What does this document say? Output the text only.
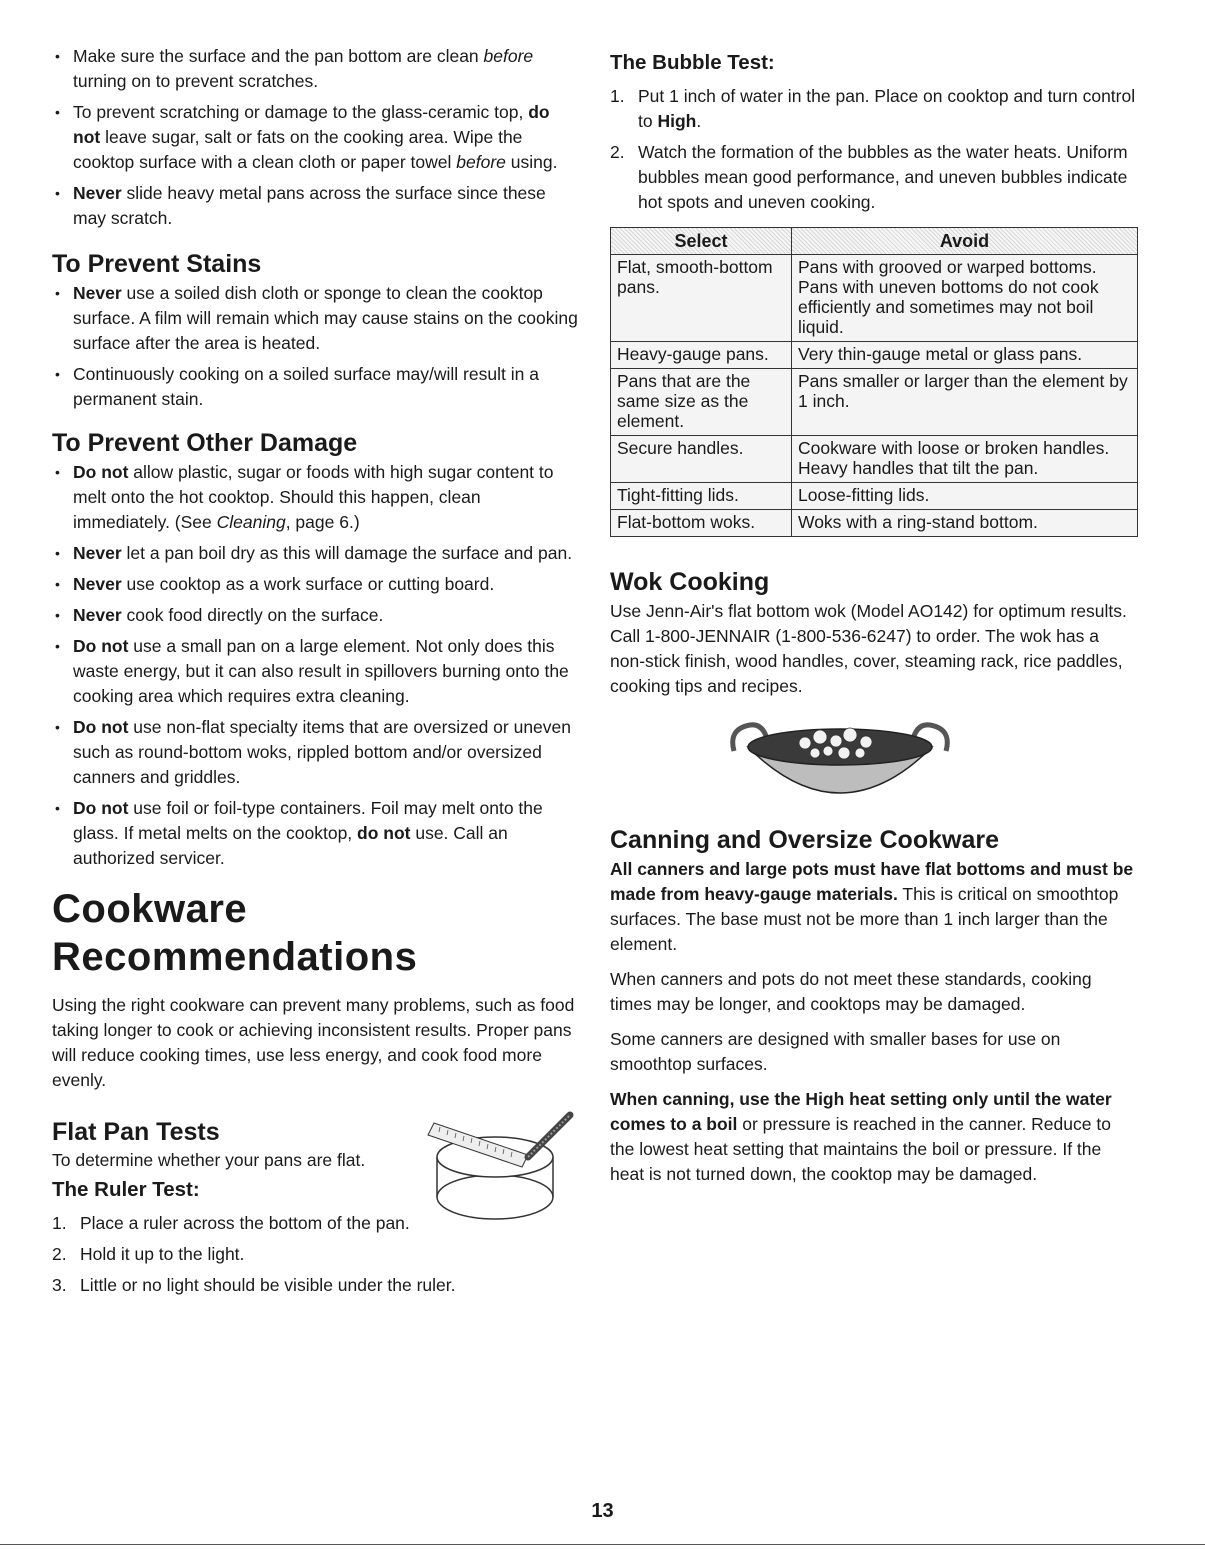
• Make sure the surface and the pan bottom are clean before turning on to prevent scratches.
• To prevent scratching or damage to the glass-ceramic top, do not leave sugar, salt or fats on the cooking area. Wipe the cooktop surface with a clean cloth or paper towel before using.
• Never slide heavy metal pans across the surface since these may scratch.
To Prevent Stains
• Never use a soiled dish cloth or sponge to clean the cooktop surface. A film will remain which may cause stains on the cooking surface after the area is heated.
• Continuously cooking on a soiled surface may/will result in a permanent stain.
To Prevent Other Damage
• Do not allow plastic, sugar or foods with high sugar content to melt onto the hot cooktop. Should this happen, clean immediately. (See Cleaning, page 6.)
• Never let a pan boil dry as this will damage the surface and pan.
• Never use cooktop as a work surface or cutting board.
• Never cook food directly on the surface.
• Do not use a small pan on a large element. Not only does this waste energy, but it can also result in spillovers burning onto the cooking area which requires extra cleaning.
• Do not use non-flat specialty items that are oversized or uneven such as round-bottom woks, rippled bottom and/or oversized canners and griddles.
• Do not use foil or foil-type containers. Foil may melt onto the glass. If metal melts on the cooktop, do not use. Call an authorized servicer.
Cookware Recommendations

Using the right cookware can prevent many problems, such as food taking longer to cook or achieving inconsistent results. Proper pans will reduce cooking times, use less energy, and cook food more evenly.

Flat Pan Tests

To determine whether your pans are flat.

The Ruler Test:
1. Place a ruler across the bottom of the pan.
2. Hold it up to the light.
3. Little or no light should be visible under the ruler.
The Bubble Test:
1. Put 1 inch of water in the pan. Place on cooktop and turn control to High.
2. Watch the formation of the bubbles as the water heats. Uniform bubbles mean good performance, and uneven bubbles indicate hot spots and uneven cooking.
Select	Avoid
Flat, smooth-bottom pans.	Pans with grooved or warped bottoms. Pans with uneven bottoms do not cook efficiently and sometimes may not boil liquid.
Heavy-gauge pans.	Very thin-gauge metal or glass pans.
Pans that are the same size as the element.	Pans smaller or larger than the element by 1 inch.
Secure handles.	Cookware with loose or broken handles. Heavy handles that tilt the pan.
Tight-fitting lids.	Loose-fitting lids.
Flat-bottom woks.	Woks with a ring-stand bottom.
Wok Cooking

Use Jenn-Air's flat bottom wok (Model AO142) for optimum results. Call 1-800-JENNAIR (1-800-536-6247) to order. The wok has a non-stick finish, wood handles, cover, steaming rack, rice paddles, cooking tips and recipes.

Canning and Oversize Cookware

All canners and large pots must have flat bottoms and must be made from heavy-gauge materials. This is critical on smoothtop surfaces. The base must not be more than 1 inch larger than the element.

When canners and pots do not meet these standards, cooking times may be longer, and cooktops may be damaged.

Some canners are designed with smaller bases for use on smoothtop surfaces.

When canning, use the High heat setting only until the water comes to a boil or pressure is reached in the canner. Reduce to the lowest heat setting that maintains the boil or pressure. If the heat is not turned down, the cooktop may be damaged.

13
